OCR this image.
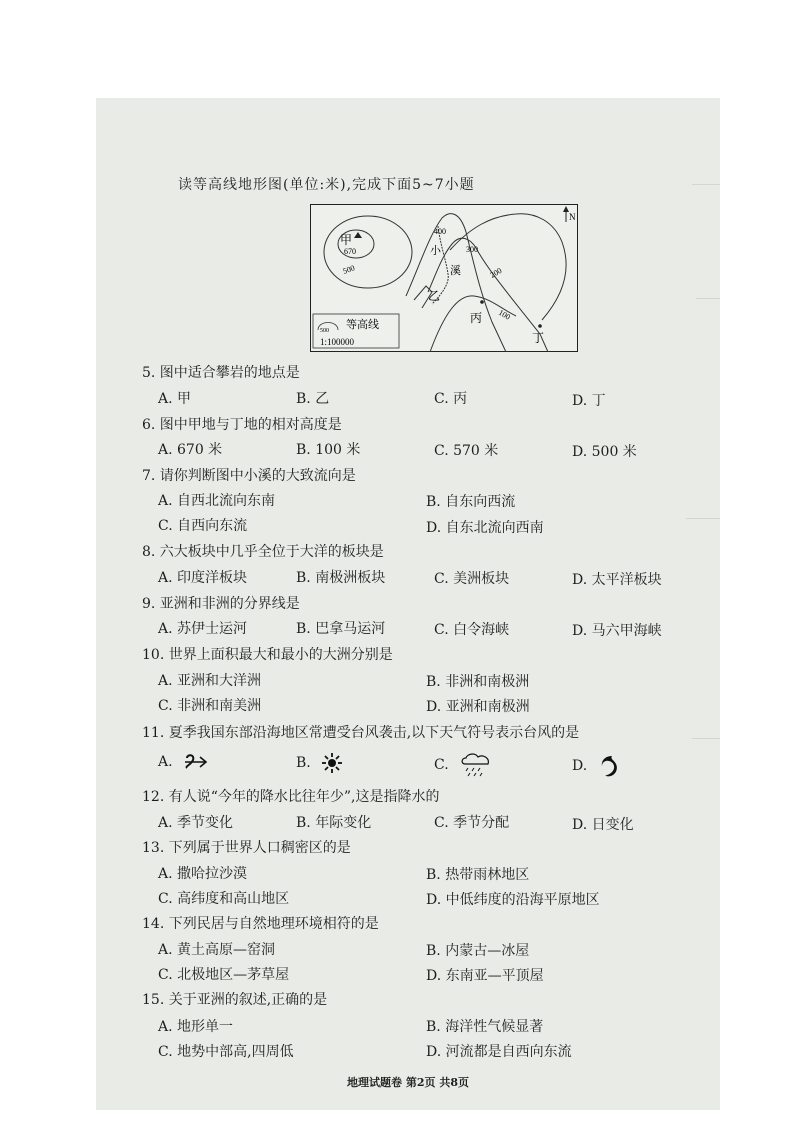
读等高线地形图(单位:米),完成下面5~7小题
甲
670
500
400
300
200
100
小
溪
乙
丙
丁
N
500 等高线
1:100000
5. 图中适合攀岩的地点是
A. 甲	B. 乙	C. 丙	D. 丁
6. 图中甲地与丁地的相对高度是
A. 670 米	B. 100 米	C. 570 米	D. 500 米
7. 请你判断图中小溪的大致流向是
A. 自西北流向东南	B. 自东向西流
C. 自西向东流	D. 自东北流向西南
8. 六大板块中几乎全位于大洋的板块是
A. 印度洋板块	B. 南极洲板块	C. 美洲板块	D. 太平洋板块
9. 亚洲和非洲的分界线是
A. 苏伊士运河	B. 巴拿马运河	C. 白令海峡	D. 马六甲海峡
10. 世界上面积最大和最小的大洲分别是
A. 亚洲和大洋洲	B. 非洲和南极洲
C. 非洲和南美洲	D. 亚洲和南极洲
11. 夏季我国东部沿海地区常遭受台风袭击,以下天气符号表示台风的是
A.	B.	C.	D.
12. 有人说“今年的降水比往年少”,这是指降水的
A. 季节变化	B. 年际变化	C. 季节分配	D. 日变化
13. 下列属于世界人口稠密区的是
A. 撒哈拉沙漠	B. 热带雨林地区
C. 高纬度和高山地区	D. 中低纬度的沿海平原地区
14. 下列民居与自然地理环境相符的是
A. 黄土高原—窑洞	B. 内蒙古—冰屋
C. 北极地区—茅草屋	D. 东南亚—平顶屋
15. 关于亚洲的叙述,正确的是
A. 地形单一	B. 海洋性气候显著
C. 地势中部高,四周低	D. 河流都是自西向东流
地理试题卷 第2页 共8页
